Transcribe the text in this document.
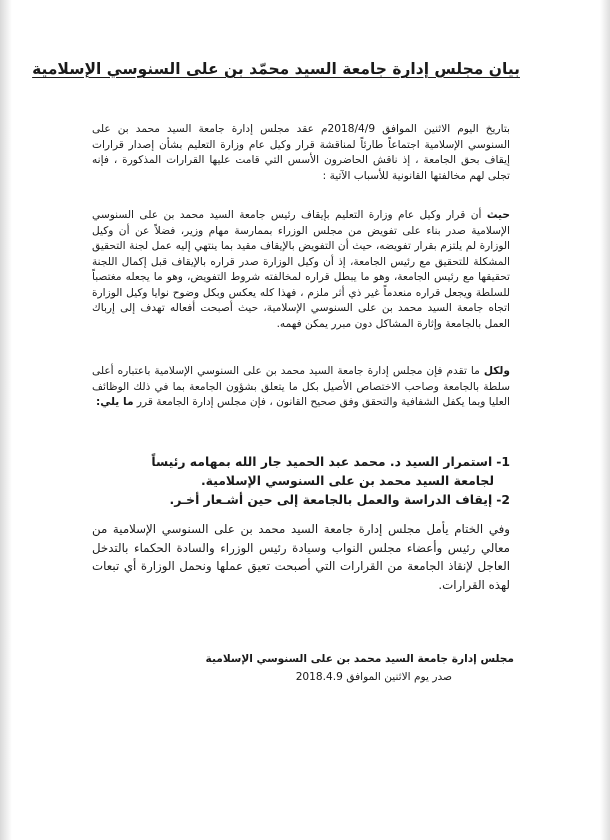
بيان مجلس إدارة جامعة السيد محمّد بن على السنوسي الإسلامية
بتاريخ اليوم الاثنين الموافق 2018/4/9م عقد مجلس إدارة جامعة السيد محمد بن على السنوسي الإسلامية اجتماعاً طارئاً لمناقشة قرار وكيل عام وزارة التعليم بشأن إصدار قرارات إيقاف بحق الجامعة ، إذ ناقش الحاضرون الأسس التي قامت عليها القرارات المذكورة ، فإنه تجلى لهم مخالفتها القانونية للأسباب الآتية :
حيث أن قرار وكيل عام وزارة التعليم بإيقاف رئيس جامعة السيد محمد بن على السنوسي الإسلامية صدر بناء على تفويض من مجلس الوزراء بممارسة مهام وزير، فضلاً عن أن وكيل الوزارة لم يلتزم بقرار تفويضه، حيث أن التفويض بالإيقاف مقيد بما ينتهي إليه عمل لجنة التحقيق المشكلة للتحقيق مع رئيس الجامعة، إذ أن وكيل الوزارة صدر قراره بالإيقاف قبل إكمال اللجنة تحقيقها مع رئيس الجامعة، وهو ما يبطل قراره لمخالفته شروط التفويض، وهو ما يجعله مغتصباً للسلطة ويجعل قراره منعدماً غير ذي أثر ملزم ، فهذا كله يعكس وبكل وضوح نوايا وكيل الوزارة اتجاه جامعة السيد محمد بن على السنوسي الإسلامية، حيث أصبحت أفعاله تهدف إلى إرباك العمل بالجامعة وإثارة المشاكل دون مبرر يمكن فهمه.
ولكل ما تقدم فإن مجلس إدارة جامعة السيد محمد بن على السنوسي الإسلامية باعتباره أعلى سلطة بالجامعة وصاحب الاختصاص الأصيل بكل ما يتعلق بشؤون الجامعة بما في ذلك الوظائف العليا وبما يكفل الشفافية والتحقق وفق صحيح القانون ، فإن مجلس إدارة الجامعة قرر ما يلي:
1-استمرار السيد د. محمد عبد الحميد جار الله بمهامه رئيساً
لجامعة السيد محمد بن على السنوسي الإسلامية.
2-إيقاف الدراسة والعمل بالجامعة إلى حين أشـعار أخـر.
وفي الختام يأمل مجلس إدارة جامعة السيد محمد بن على السنوسي الإسلامية من معالي رئيس وأعضاء مجلس النواب وسيادة رئيس الوزراء والسادة الحكماء بالتدخل العاجل لإنقاذ الجامعة من القرارات التي أصبحت تعيق عملها ونحمل الوزارة أي تبعات لهذه القرارات.
مجلس إدارة جامعة السيد محمد بن على السنوسي الإسلامية
صدر يوم الاثنين الموافق 2018.4.9
